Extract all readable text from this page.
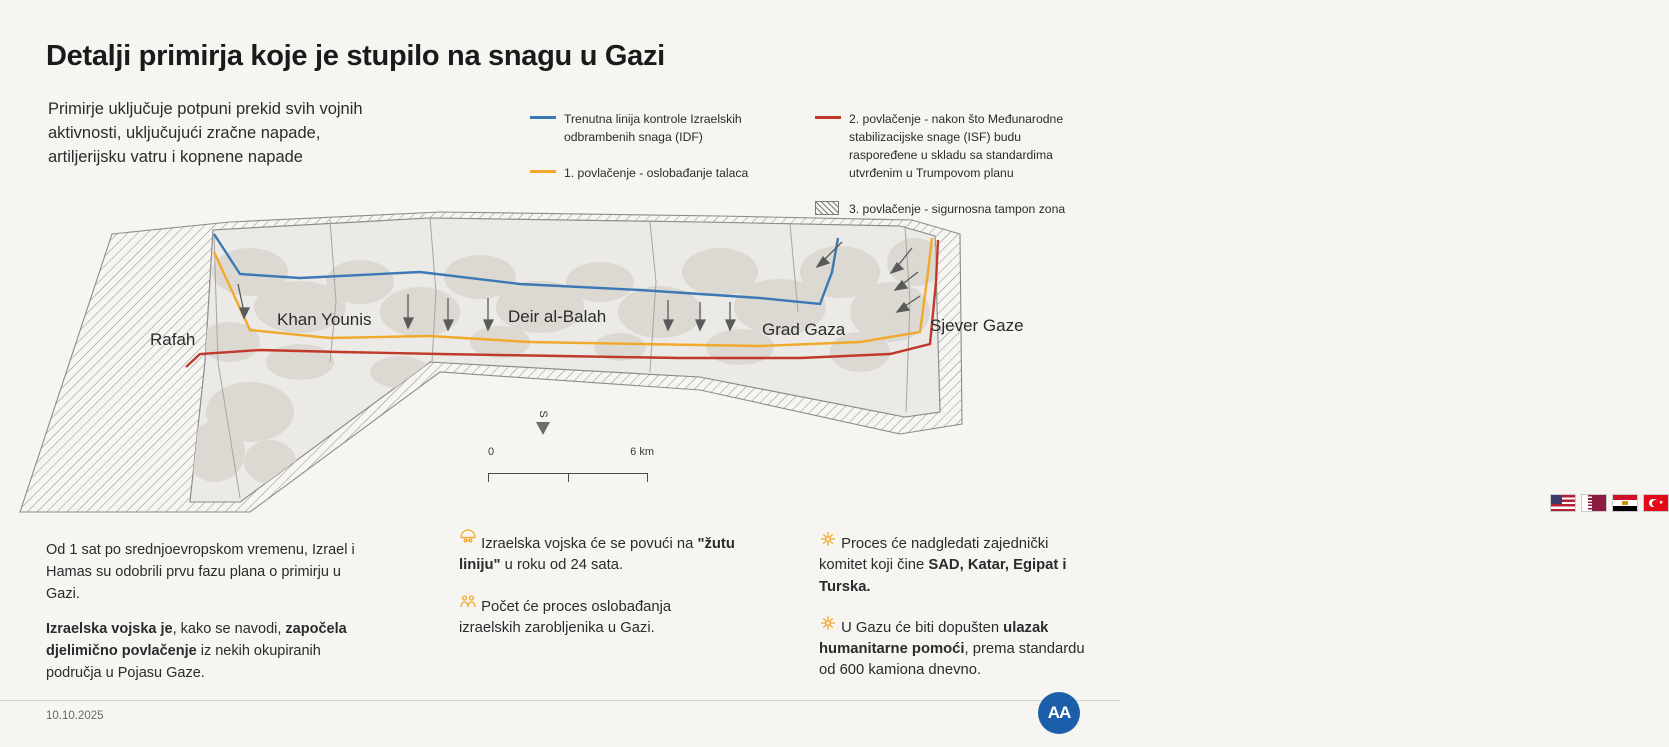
Detalji primirja koje je stupilo na snagu u Gazi
Primirje uključuje potpuni prekid svih vojnih aktivnosti, uključujući zračne napade, artiljerijsku vatru i kopnene napade
Trenutna linija kontrole Izraelskih odbrambenih snaga (IDF)
1. povlačenje - oslobađanje talaca
2. povlačenje - nakon što Međunarodne stabilizacijske snage (ISF) budu raspoređene u skladu sa standardima utvrđenim u Trumpovom planu
3. povlačenje - sigurnosna tampon zona
Rafah
Khan Younis	Deir al-Balah
Grad Gaza	Sjever Gaze
S
0	6 km

Od 1 sat po srednjoevropskom vremenu, Izrael i Hamas su odobrili prvu fazu plana o primirju u Gazi.

Izraelska vojska je, kako se navodi, započela djelimično povlačenje iz nekih okupiranih područja u Pojasu Gaze.

Izraelska vojska će se povući na "žutu liniju" u roku od 24 sata.
Počet će proces oslobađanja izraelskih zarobljenika u Gazi.
★
Proces će nadgledati zajednički komitet koji čine SAD, Katar, Egipat i Turska.
U Gazu će biti dopušten ulazak humanitarne pomoći, prema standardu od 600 kamiona dnevno.
10.10.2025	AA
